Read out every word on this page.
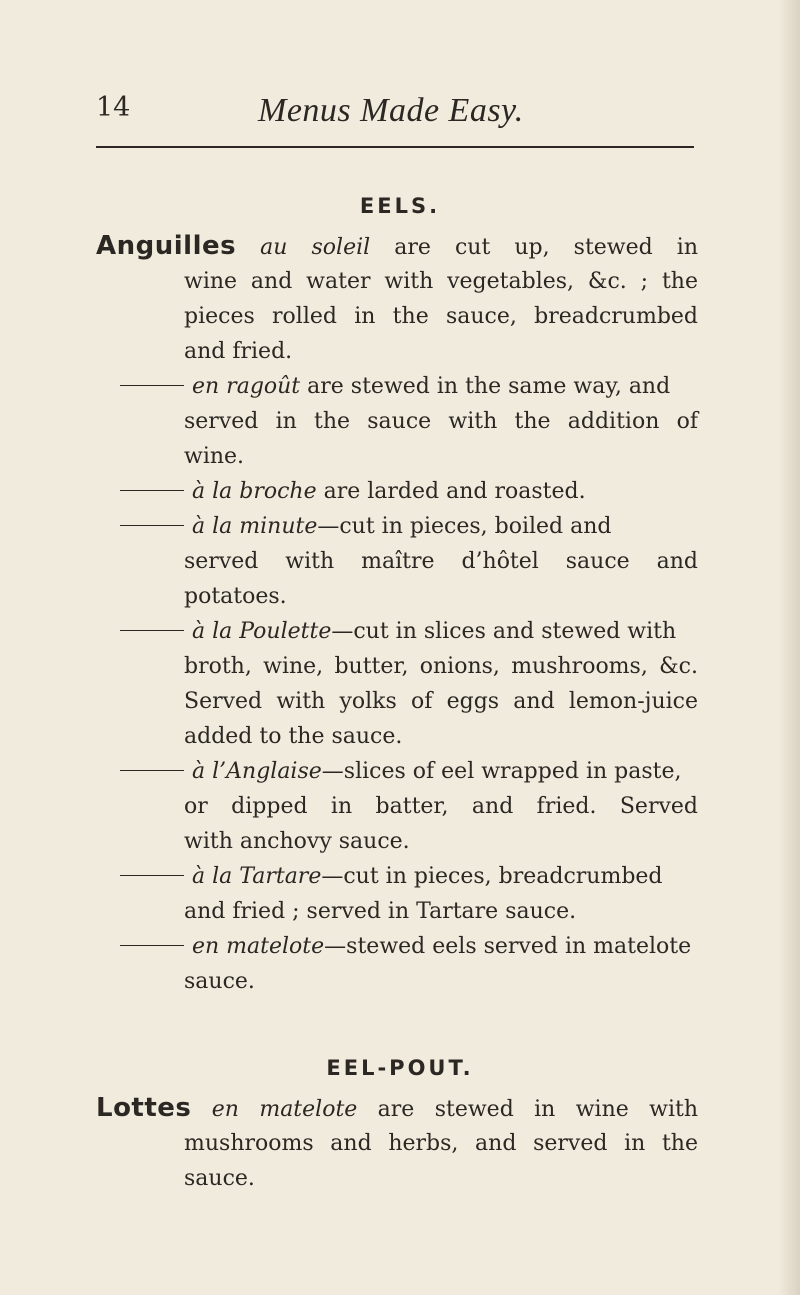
14	Menus Made Easy.
EELS.
Anguilles au soleil are cut up, stewed in
wine and water with vegetables, &c. ; the
pieces rolled in the sauce, breadcrumbed
and fried.
en ragoût are stewed in the same way, and
served in the sauce with the addition of
wine.
à la broche are larded and roasted.
à la minute—cut in pieces, boiled and
served with maître d’hôtel sauce and
potatoes.
à la Poulette—cut in slices and stewed with
broth, wine, butter, onions, mushrooms, &c.
Served with yolks of eggs and lemon-juice
added to the sauce.
à l’Anglaise—slices of eel wrapped in paste,
or dipped in batter, and fried. Served
with anchovy sauce.
à la Tartare—cut in pieces, breadcrumbed
and fried ; served in Tartare sauce.
en matelote—stewed eels served in matelote
sauce.
EEL-POUT.
Lottes en matelote are stewed in wine with
mushrooms and herbs, and served in the
sauce.
